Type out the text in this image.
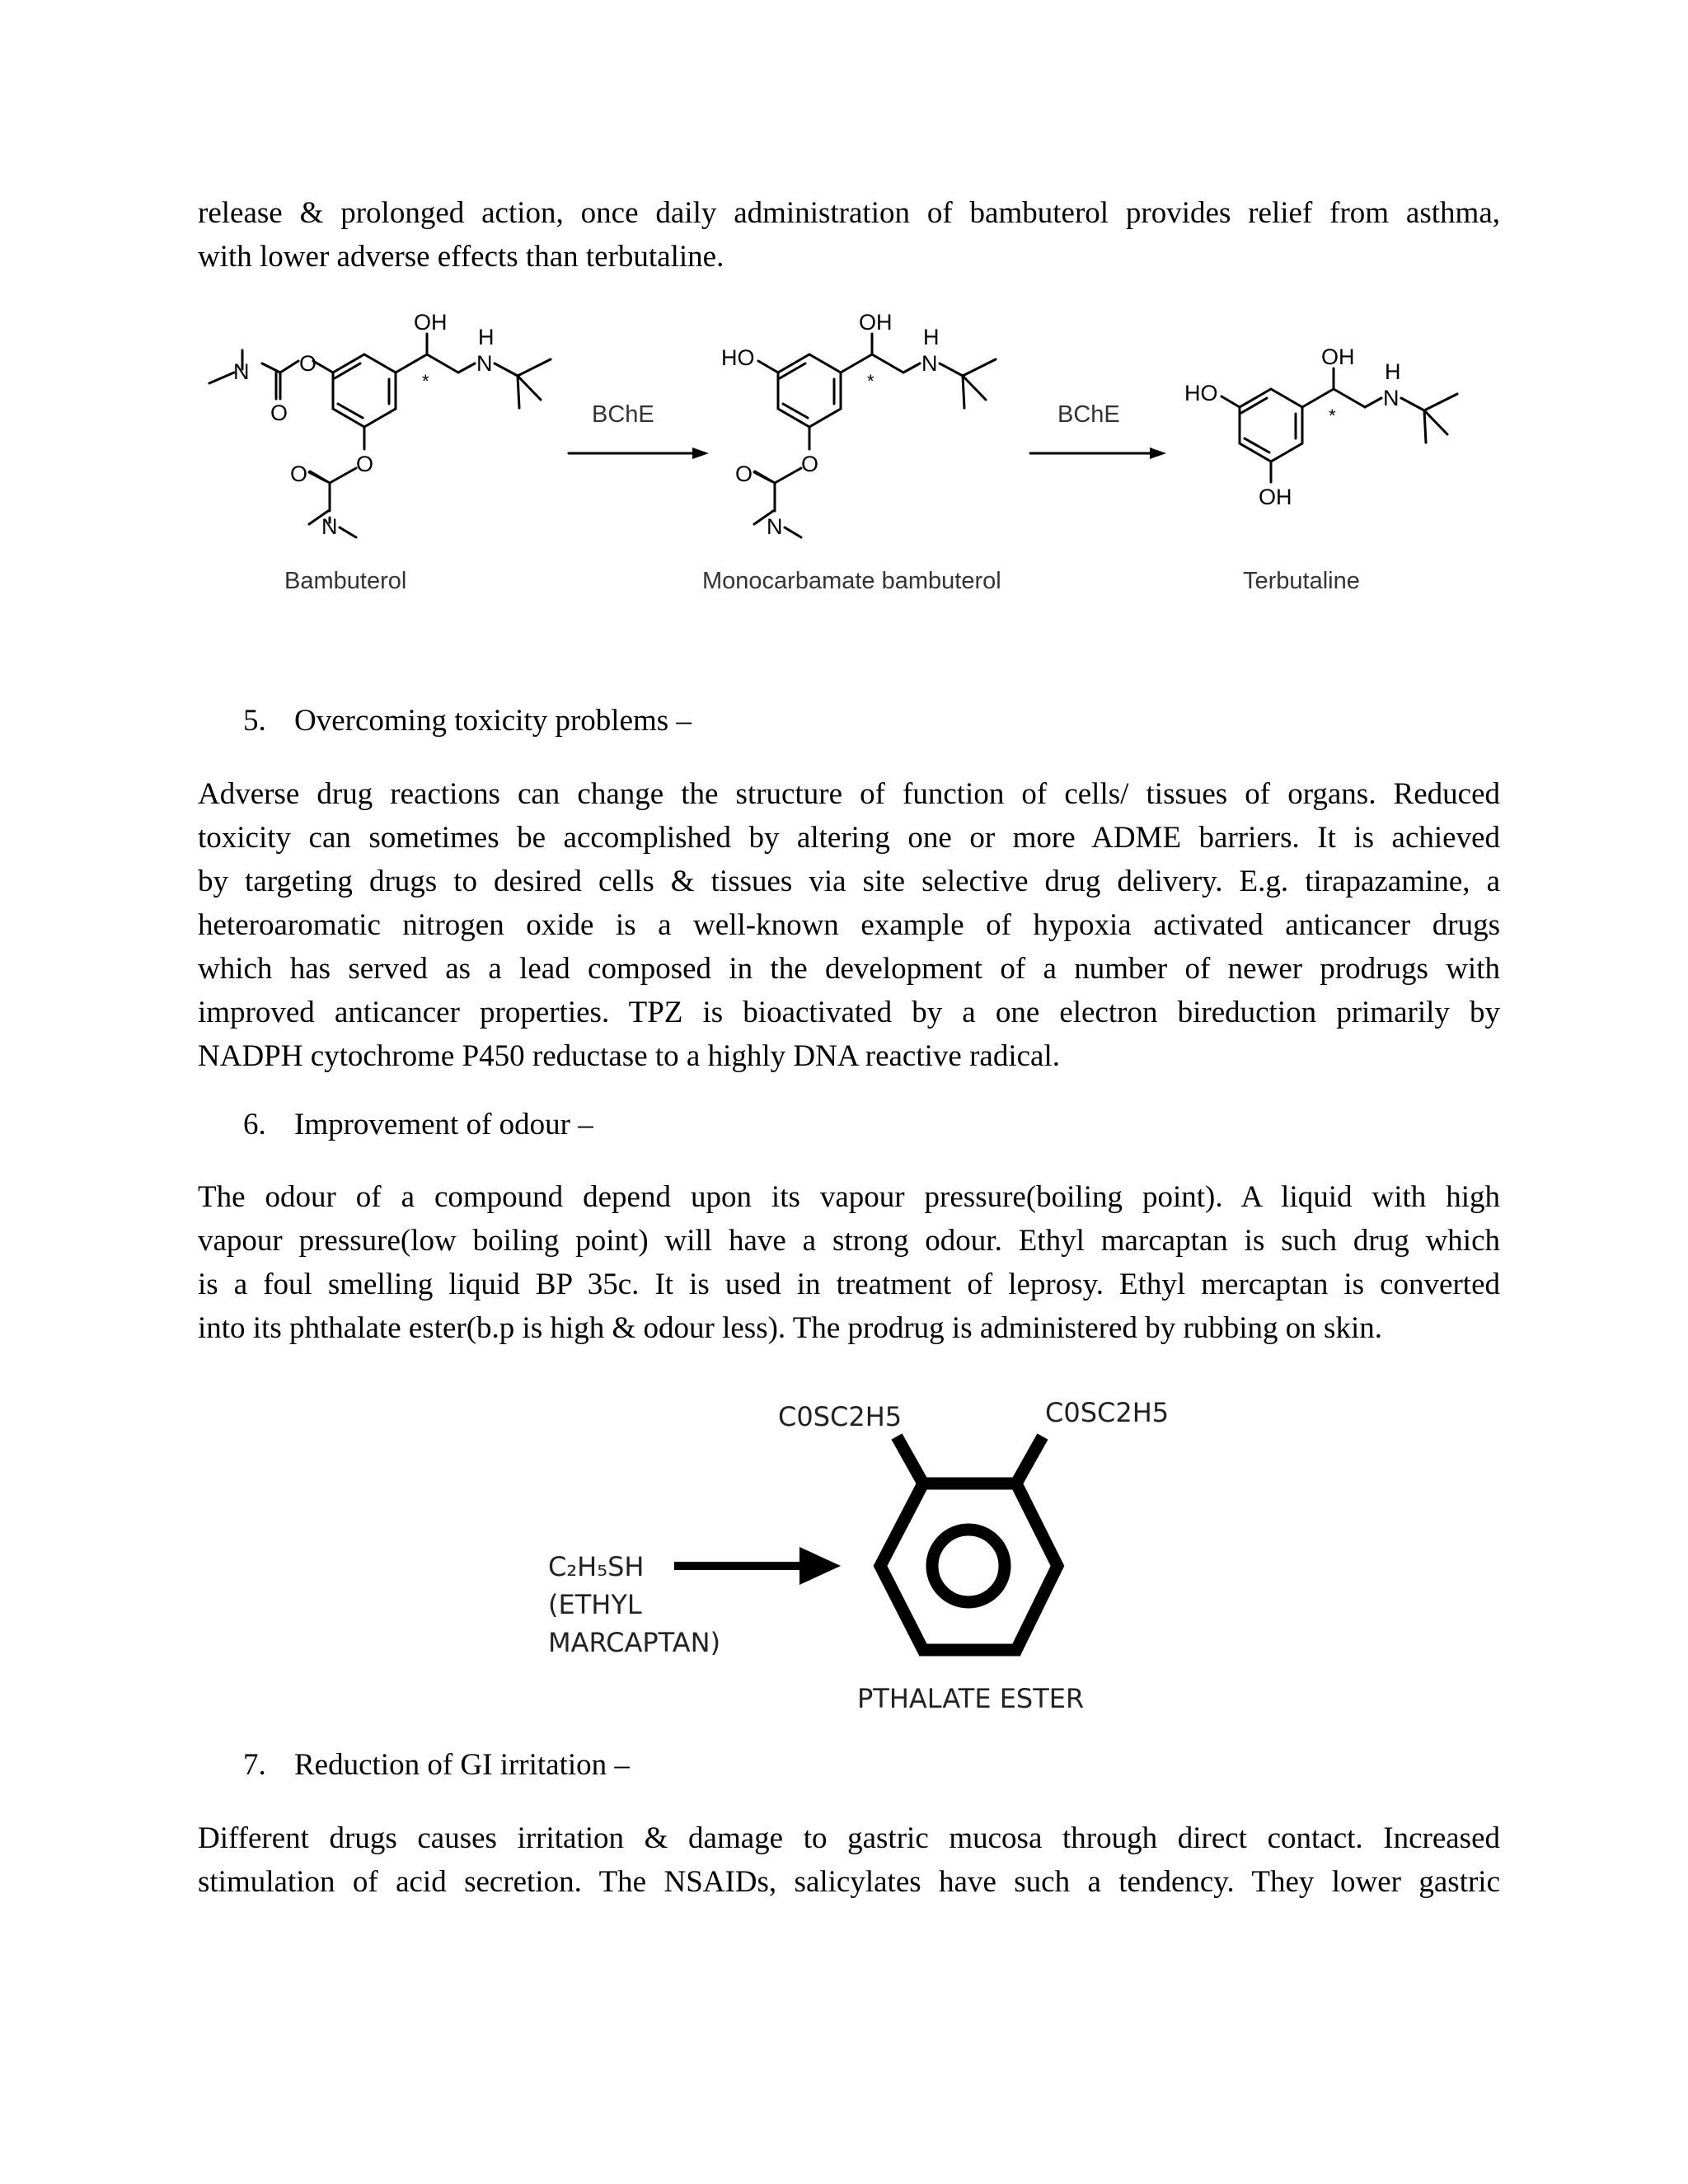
release & prolonged action, once daily administration of bambuterol provides relief from asthma,
with lower adverse effects than terbutaline.

OH
H
N
*
O
N
O
O
O
N
OH
H
N
*
HO
O
O
N
OH
H
N
*
HO
OH
BChE	BChE
Bambuterol	Monocarbamate bambuterol	Terbutaline

5. Overcoming toxicity problems –

Adverse drug reactions can change the structure of function of cells/ tissues of organs. Reduced
toxicity can sometimes be accomplished by altering one or more ADME barriers. It is achieved
by targeting drugs to desired cells & tissues via site selective drug delivery. E.g. tirapazamine, a
heteroaromatic nitrogen oxide is a well-known example of hypoxia activated anticancer drugs
which has served as a lead composed in the development of a number of newer prodrugs with
improved anticancer properties. TPZ is bioactivated by a one electron bireduction primarily by
NADPH cytochrome P450 reductase to a highly DNA reactive radical.

6. Improvement of odour –

The odour of a compound depend upon its vapour pressure(boiling point). A liquid with high
vapour pressure(low boiling point) will have a strong odour. Ethyl marcaptan is such drug which
is a foul smelling liquid BP 35c. It is used in treatment of leprosy. Ethyl mercaptan is converted
into its phthalate ester(b.p is high & odour less). The prodrug is administered by rubbing on skin.

C0SC2H5	C0SC2H5
C₂H₅SH
(ETHYL
MARCAPTAN)
PTHALATE ESTER

7. Reduction of GI irritation –

Different drugs causes irritation & damage to gastric mucosa through direct contact. Increased
stimulation of acid secretion. The NSAIDs, salicylates have such a tendency. They lower gastric
